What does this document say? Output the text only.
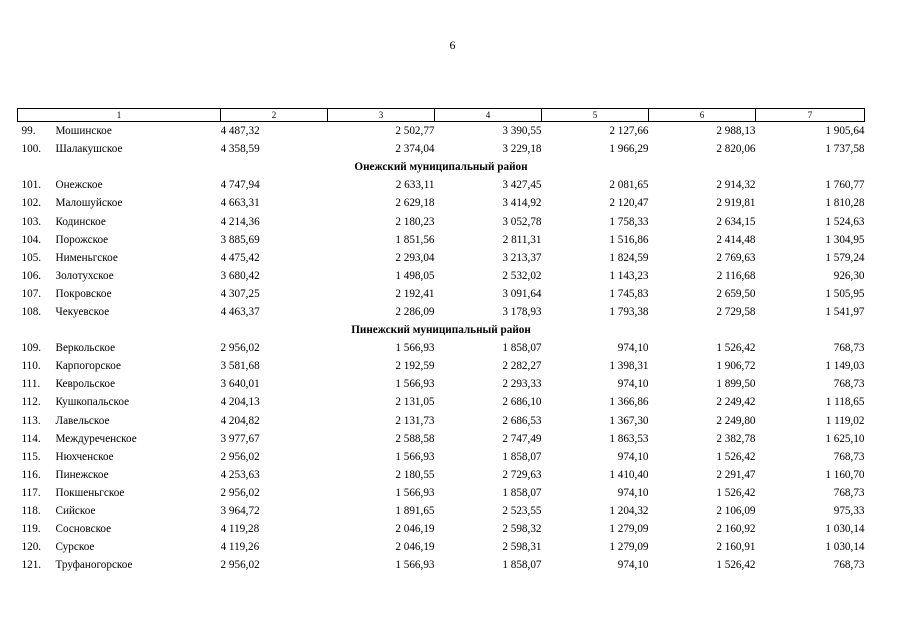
6
1	2	3	4	5	6	7
99. Мошинское	4 487,32	2 502,77	3 390,55	2 127,66	2 988,13	1 905,64
100. Шалакушское	4 358,59	2 374,04	3 229,18	1 966,29	2 820,06	1 737,58
Онежский муниципальный район						
101. Онежское	4 747,94	2 633,11	3 427,45	2 081,65	2 914,32	1 760,77
102. Малошуйское	4 663,31	2 629,18	3 414,92	2 120,47	2 919,81	1 810,28
103. Кодинское	4 214,36	2 180,23	3 052,78	1 758,33	2 634,15	1 524,63
104. Порожское	3 885,69	1 851,56	2 811,31	1 516,86	2 414,48	1 304,95
105. Нименьгское	4 475,42	2 293,04	3 213,37	1 824,59	2 769,63	1 579,24
106. Золотухское	3 680,42	1 498,05	2 532,02	1 143,23	2 116,68	926,30
107. Покровское	4 307,25	2 192,41	3 091,64	1 745,83	2 659,50	1 505,95
108. Чекуевское	4 463,37	2 286,09	3 178,93	1 793,38	2 729,58	1 541,97
Пинежский муниципальный район						
109. Веркольское	2 956,02	1 566,93	1 858,07	974,10	1 526,42	768,73
110. Карпогорское	3 581,68	2 192,59	2 282,27	1 398,31	1 906,72	1 149,03
111. Кеврольское	3 640,01	1 566,93	2 293,33	974,10	1 899,50	768,73
112. Кушкопальское	4 204,13	2 131,05	2 686,10	1 366,86	2 249,42	1 118,65
113. Лавельское	4 204,82	2 131,73	2 686,53	1 367,30	2 249,80	1 119,02
114. Междуреченское	3 977,67	2 588,58	2 747,49	1 863,53	2 382,78	1 625,10
115. Нюхченское	2 956,02	1 566,93	1 858,07	974,10	1 526,42	768,73
116. Пинежское	4 253,63	2 180,55	2 729,63	1 410,40	2 291,47	1 160,70
117. Покшеньгское	2 956,02	1 566,93	1 858,07	974,10	1 526,42	768,73
118. Сийское	3 964,72	1 891,65	2 523,55	1 204,32	2 106,09	975,33
119. Сосновское	4 119,28	2 046,19	2 598,32	1 279,09	2 160,92	1 030,14
120. Сурское	4 119,26	2 046,19	2 598,31	1 279,09	2 160,91	1 030,14
121. Труфаногорское	2 956,02	1 566,93	1 858,07	974,10	1 526,42	768,73
